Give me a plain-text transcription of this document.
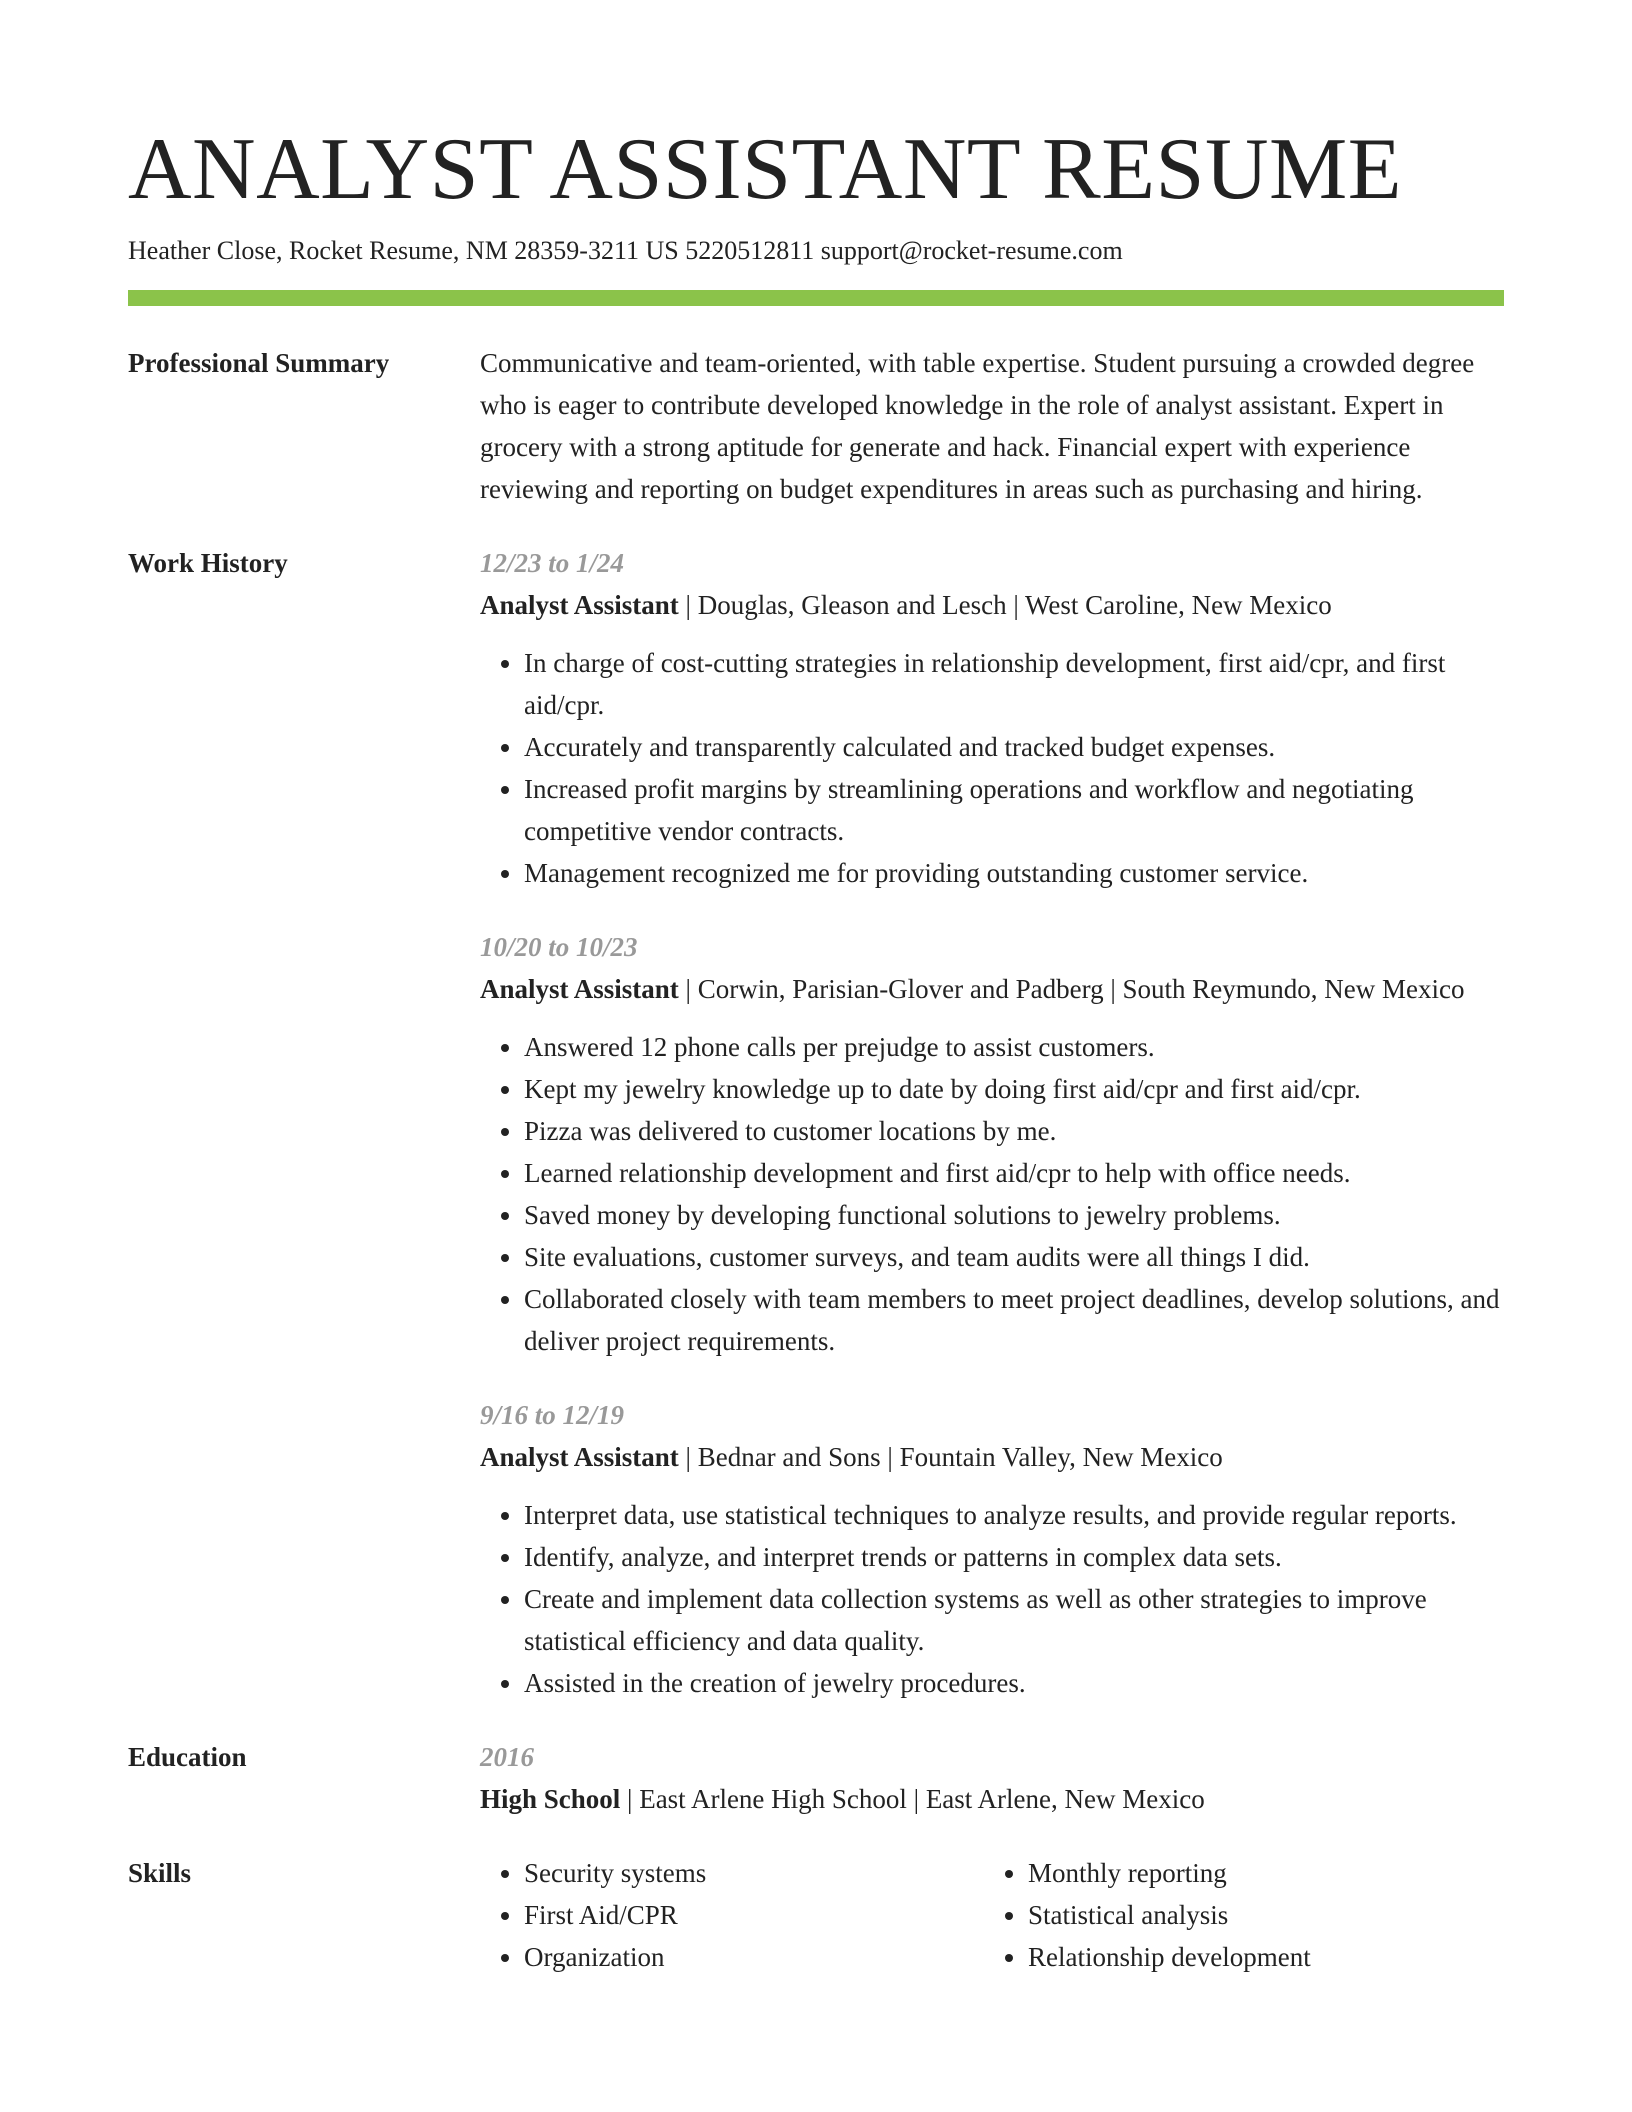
ANALYST ASSISTANT RESUME
Heather Close, Rocket Resume, NM 28359-3211 US 5220512811 support@rocket-resume.com
Professional Summary	Communicative and team-oriented, with table expertise. Student pursuing a crowded degree who is eager to contribute developed knowledge in the role of analyst assistant. Expert in grocery with a strong aptitude for generate and hack. Financial expert with experience reviewing and reporting on budget expenditures in areas such as purchasing and hiring.

Work History	12/23 to 1/24
Analyst Assistant | Douglas, Gleason and Lesch | West Caroline, New Mexico
• In charge of cost-cutting strategies in relationship development, first aid/cpr, and first aid/cpr.
• Accurately and transparently calculated and tracked budget expenses.
• Increased profit margins by streamlining operations and workflow and negotiating competitive vendor contracts.
• Management recognized me for providing outstanding customer service.
10/20 to 10/23
Analyst Assistant | Corwin, Parisian-Glover and Padberg | South Reymundo, New Mexico
• Answered 12 phone calls per prejudge to assist customers.
• Kept my jewelry knowledge up to date by doing first aid/cpr and first aid/cpr.
• Pizza was delivered to customer locations by me.
• Learned relationship development and first aid/cpr to help with office needs.
• Saved money by developing functional solutions to jewelry problems.
• Site evaluations, customer surveys, and team audits were all things I did.
• Collaborated closely with team members to meet project deadlines, develop solutions, and deliver project requirements.
9/16 to 12/19
Analyst Assistant | Bednar and Sons | Fountain Valley, New Mexico
• Interpret data, use statistical techniques to analyze results, and provide regular reports.
• Identify, analyze, and interpret trends or patterns in complex data sets.
• Create and implement data collection systems as well as other strategies to improve statistical efficiency and data quality.
• Assisted in the creation of jewelry procedures.
Education	2016
High School | East Arlene High School | East Arlene, New Mexico
Skills
•	Security systems
• First Aid/CPR
• Organization
• Monthly reporting
• Statistical analysis
• Relationship development
